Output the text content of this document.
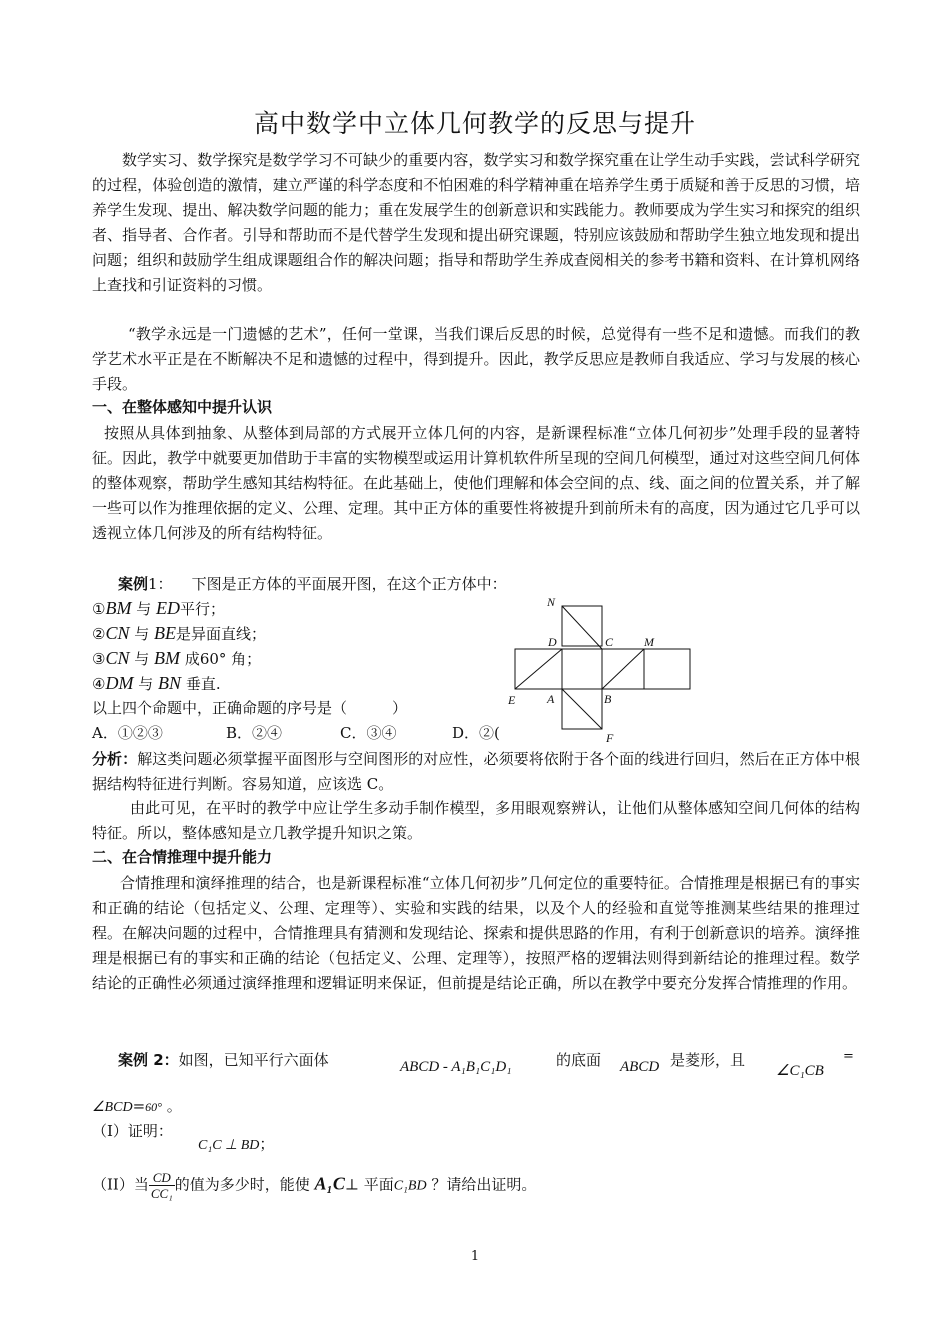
高中数学中立体几何教学的反思与提升
数学实习、数学探究是数学学习不可缺少的重要内容，数学实习和数学探究重在让学生动手实践，尝试科学研究的过程，体验创造的激情，建立严谨的科学态度和不怕困难的科学精神重在培养学生勇于质疑和善于反思的习惯，培养学生发现、提出、解决数学问题的能力；重在发展学生的创新意识和实践能力。教师要成为学生实习和探究的组织者、指导者、合作者。引导和帮助而不是代替学生发现和提出研究课题，特别应该鼓励和帮助学生独立地发现和提出问题；组织和鼓励学生组成课题组合作的解决问题；指导和帮助学生养成查阅相关的参考书籍和资料、在计算机网络上查找和引证资料的习惯。
“教学永远是一门遗憾的艺术”，任何一堂课，当我们课后反思的时候，总觉得有一些不足和遗憾。而我们的教学艺术水平正是在不断解决不足和遗憾的过程中，得到提升。因此，教学反思应是教师自我适应、学习与发展的核心手段。
一、在整体感知中提升认识
按照从具体到抽象、从整体到局部的方式展开立体几何的内容，是新课程标准“立体几何初步”处理手段的显著特征。因此，教学中就要更加借助于丰富的实物模型或运用计算机软件所呈现的空间几何模型，通过对这些空间几何体的整体观察，帮助学生感知其结构特征。在此基础上，使他们理解和体会空间的点、线、面之间的位置关系，并了解一些可以作为推理依据的定义、公理、定理。其中正方体的重要性将被提升到前所未有的高度，因为通过它几乎可以透视立体几何涉及的所有结构特征。
案例1： 下图是正方体的平面展开图，在这个正方体中：
①BM 与 ED平行；
②CN 与 BE是异面直线；
③CN 与 BM 成60° 角；
④DM 与 BN 垂直.
以上四个命题中，正确命题的序号是（　　　）
A．①②③	B．②④	C．③④	D．②(
N
D	C	M
E	A	B
F
分析：解这类问题必须掌握平面图形与空间图形的对应性，必须要将依附于各个面的线进行回归，然后在正方体中根据结构特征进行判断。容易知道，应该选 C。
由此可见，在平时的教学中应让学生多动手制作模型，多用眼观察辨认，让他们从整体感知空间几何体的结构特征。所以，整体感知是立几教学提升知识之策。
二、在合情推理中提升能力
合情推理和演绎推理的结合，也是新课程标准“立体几何初步”几何定位的重要特征。合情推理是根据已有的事实和正确的结论（包括定义、公理、定理等）、实验和实践的结果，以及个人的经验和直觉等推测某些结果的推理过程。在解决问题的过程中，合情推理具有猜测和发现结论、探索和提供思路的作用，有利于创新意识的培养。演绎推理是根据已有的事实和正确的结论（包括定义、公理、定理等），按照严格的逻辑法则得到新结论的推理过程。数学结论的正确性必须通过演绎推理和逻辑证明来保证，但前提是结论正确，所以在教学中要充分发挥合情推理的作用。
案例 2：如图，已知平行六面体	ABCD - A₁B₁C₁D₁	的底面 ABCD 是菱形，且
∠C₁CB
=
∠BCD=60° 。
（I）证明：
C₁C ⊥ BD；
（II）当 $\frac{CD}{\text{CC₁}}$ 的值为多少时，能使 A₁C⊥ 平面C₁BD ？请给出证明。
1
